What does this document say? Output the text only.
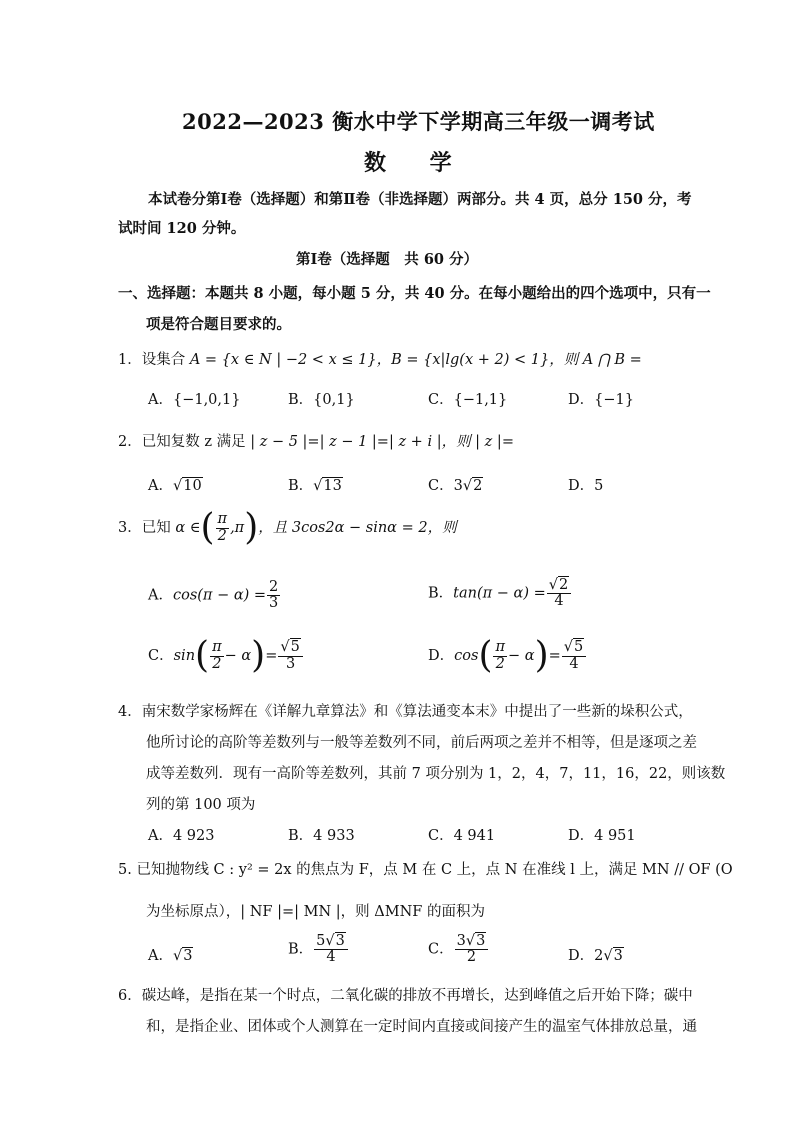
2022—2023 衡水中学下学期高三年级一调考试
数 学
本试卷分第Ⅰ卷（选择题）和第Ⅱ卷（非选择题）两部分。共 4 页，总分 150 分，考
试时间 120 分钟。
第Ⅰ卷（选择题　共 60 分）
一、选择题：本题共 8 小题，每小题 5 分，共 40 分。在每小题给出的四个选项中，只有一
项是符合题目要求的。
1．设集合 A = {x ∈ N | −2 < x ≤ 1}，B = {x|lg(x + 2) < 1}，则 A ⋂ B =
A．{−1,0,1}	B．{0,1}	C．{−1,1}	D．{−1}
2．已知复数 z 满足 | z − 5 |=| z − 1 |=| z + i |，则 | z |=
A．√10	B．√13	C．3√2	D．5
3．已知 α ∈( $\frac{\pi}{2} ,\pi$)，且 3cos2α − sinα = 2，则
A．$\cos(\pi - \alpha) = \frac{2}{3}$	B．$\tan(\pi - \alpha) = \frac{√2}{4}$
C．$\sin( \frac{\pi}{2} - \alpha)= \frac{√5}{3}$	D．$\cos( \frac{\pi}{2} - \alpha)= \frac{√5}{4}$
4．南宋数学家杨辉在《详解九章算法》和《算法通变本末》中提出了一些新的垛积公式，
他所讨论的高阶等差数列与一般等差数列不同，前后两项之差并不相等，但是逐项之差
成等差数列．现有一高阶等差数列，其前 7 项分别为 1，2，4，7，11，16，22，则该数
列的第 100 项为
A．4 923	B．4 933	C．4 941	D．4 951
5. 已知抛物线 C : y² = 2x 的焦点为 F，点 M 在 C 上，点 N 在准线 l 上，满足 MN // OF (O
为坐标原点），| NF |=| MN |，则 ΔMNF 的面积为
A．√3	B． $\frac{5√3}{4}$	C． $\frac{3√3}{2}$	D．2√3
6．碳达峰，是指在某一个时点，二氧化碳的排放不再增长，达到峰值之后开始下降；碳中
和，是指企业、团体或个人测算在一定时间内直接或间接产生的温室气体排放总量，通
